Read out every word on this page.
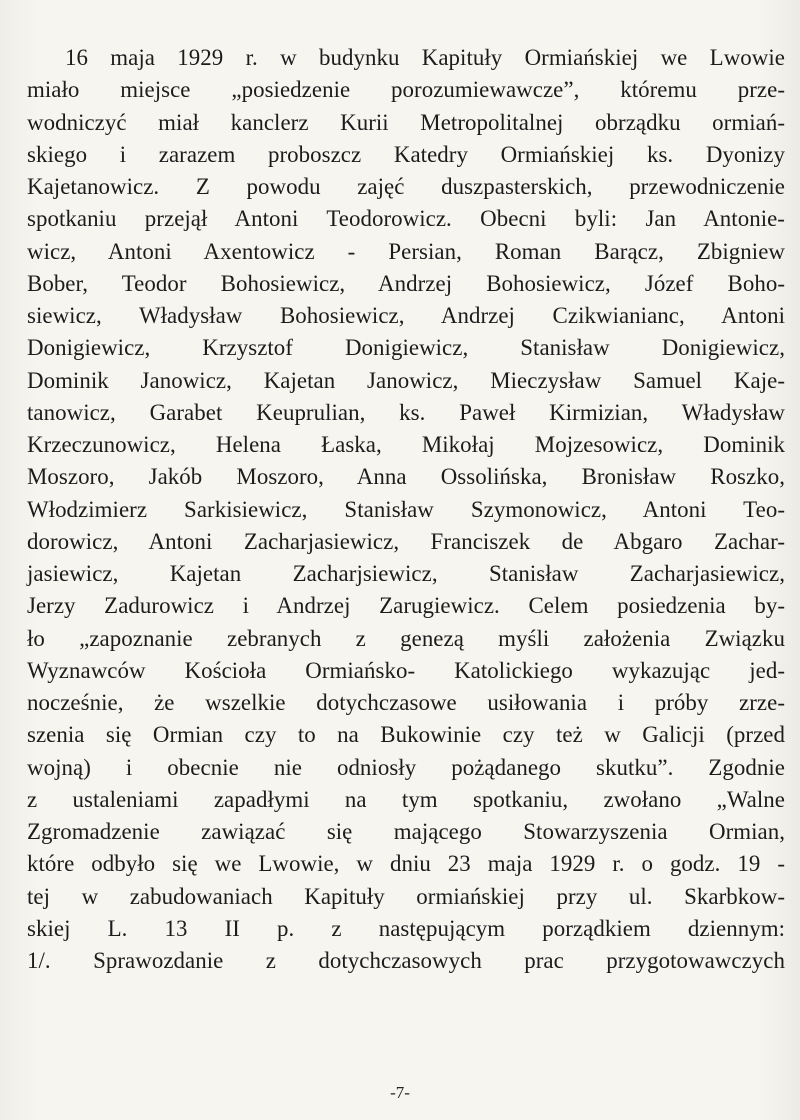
16 maja 1929 r. w budynku Kapituły Ormiańskiej we Lwowie
miało miejsce „posiedzenie porozumiewawcze”, któremu prze-
wodniczyć miał kanclerz Kurii Metropolitalnej obrządku ormiań-
skiego i zarazem proboszcz Katedry Ormiańskiej ks. Dyonizy
Kajetanowicz. Z powodu zajęć duszpasterskich, przewodniczenie
spotkaniu przejął Antoni Teodorowicz. Obecni byli: Jan Antonie-
wicz, Antoni Axentowicz - Persian, Roman Barącz, Zbigniew
Bober, Teodor Bohosiewicz, Andrzej Bohosiewicz, Józef Boho-
siewicz, Władysław Bohosiewicz, Andrzej Czikwianianc, Antoni
Donigiewicz, Krzysztof Donigiewicz, Stanisław Donigiewicz,
Dominik Janowicz, Kajetan Janowicz, Mieczysław Samuel Kaje-
tanowicz, Garabet Keuprulian, ks. Paweł Kirmizian, Władysław
Krzeczunowicz, Helena Łaska, Mikołaj Mojzesowicz, Dominik
Moszoro, Jakób Moszoro, Anna Ossolińska, Bronisław Roszko,
Włodzimierz Sarkisiewicz, Stanisław Szymonowicz, Antoni Teo-
dorowicz, Antoni Zacharjasiewicz, Franciszek de Abgaro Zachar-
jasiewicz, Kajetan Zacharjsiewicz, Stanisław Zacharjasiewicz,
Jerzy Zadurowicz i Andrzej Zarugiewicz. Celem posiedzenia by-
ło „zapoznanie zebranych z genezą myśli założenia Związku
Wyznawców Kościoła Ormiańsko- Katolickiego wykazując jed-
nocześnie, że wszelkie dotychczasowe usiłowania i próby zrze-
szenia się Ormian czy to na Bukowinie czy też w Galicji (przed
wojną) i obecnie nie odniosły pożądanego skutku”. Zgodnie
z ustaleniami zapadłymi na tym spotkaniu, zwołano „Walne
Zgromadzenie zawiązać się mającego Stowarzyszenia Ormian,
które odbyło się we Lwowie, w dniu 23 maja 1929 r. o godz. 19 -
tej w zabudowaniach Kapituły ormiańskiej przy ul. Skarbkow-
skiej L. 13 II p. z następującym porządkiem dziennym:
1/. Sprawozdanie z dotychczasowych prac przygotowawczych
-7-
